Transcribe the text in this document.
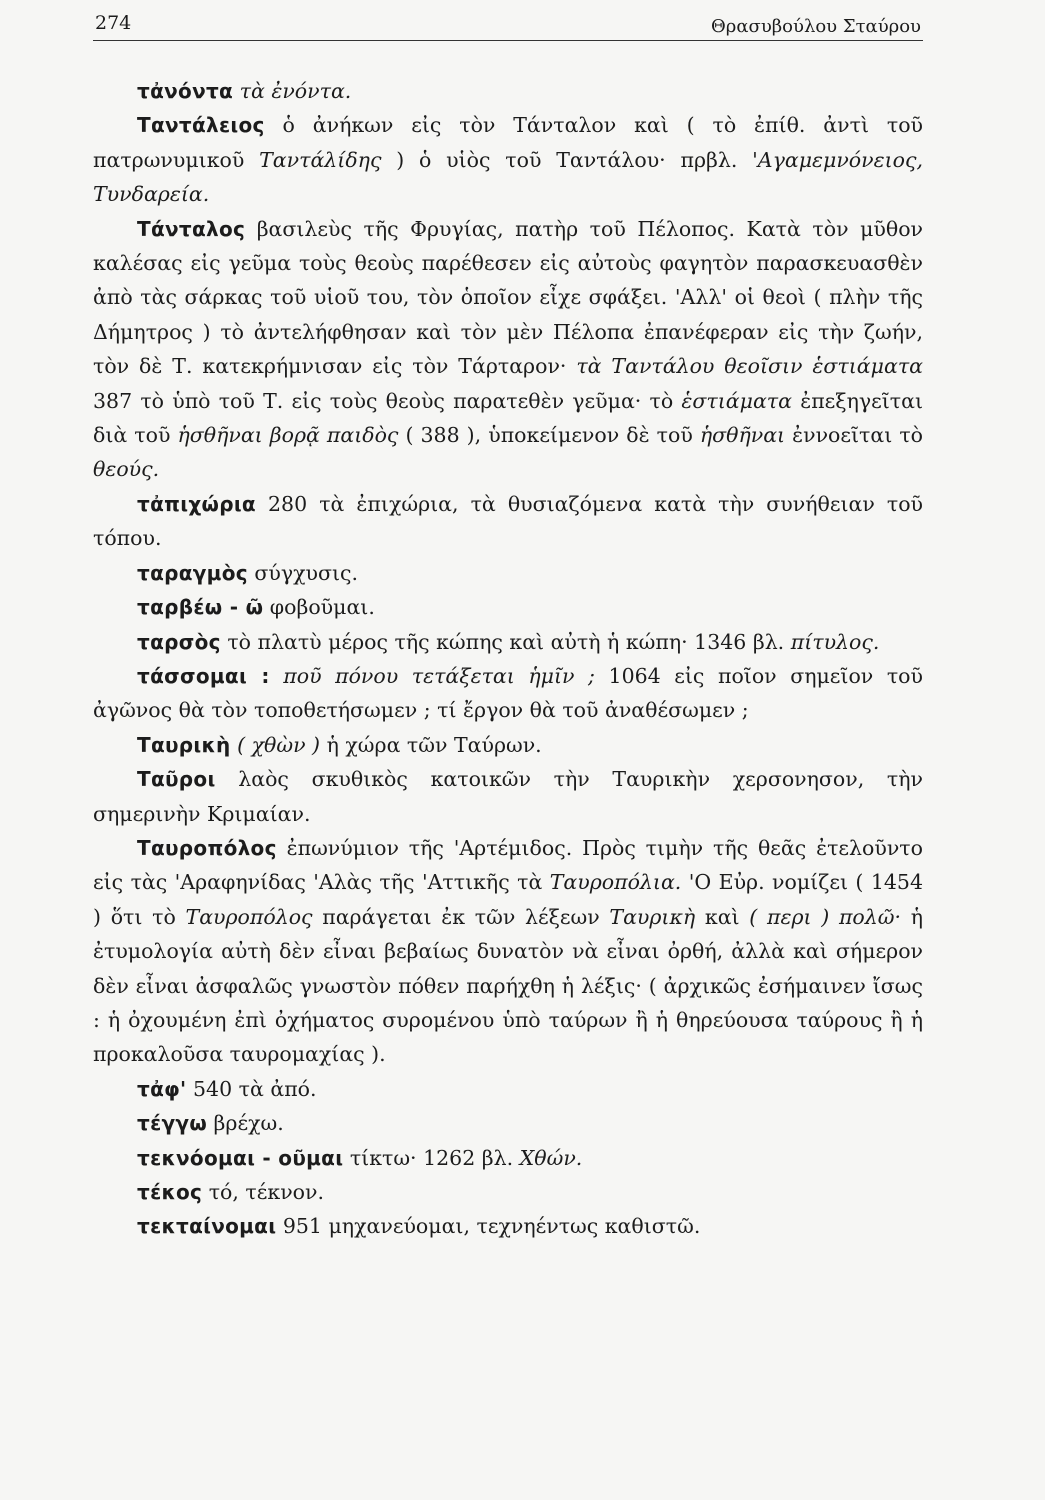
274	Θρασυβούλου Σταύρου

τἀνόντα τὰ ἐνόντα.

Ταντάλειος ὁ ἀνήκων εἰς τὸν Τάνταλον καὶ ( τὸ ἐπίθ. ἀντὶ τοῦ πατρωνυμικοῦ Ταντάλίδης ) ὁ υἱὸς τοῦ Ταντάλου· πρβλ. 'Αγαμεμνόνειος, Τυνδαρεία.

Τάνταλος βασιλεὺς τῆς Φρυγίας, πατὴρ τοῦ Πέλοπος. Κατὰ τὸν μῦθον καλέσας εἰς γεῦμα τοὺς θεοὺς παρέθεσεν εἰς αὐτοὺς φαγητὸν παρασκευασθὲν ἀπὸ τὰς σάρκας τοῦ υἱοῦ του, τὸν ὁποῖον εἶχε σφάξει. 'Αλλ' οἱ θεοὶ ( πλὴν τῆς Δήμητρος ) τὸ ἀντελήφθησαν καὶ τὸν μὲν Πέλοπα ἐπανέφεραν εἰς τὴν ζωήν, τὸν δὲ Τ. κατεκρήμνισαν εἰς τὸν Τάρταρον· τὰ Ταντάλου θεοῖσιν ἑστιάματα 387 τὸ ὑπὸ τοῦ Τ. εἰς τοὺς θεοὺς παρατεθὲν γεῦμα· τὸ ἑστιάματα ἐπεξηγεῖται διὰ τοῦ ἡσθῆναι βορᾷ παιδὸς ( 388 ), ὑποκείμενον δὲ τοῦ ἡσθῆναι ἐννοεῖται τὸ θεούς.

τἀπιχώρια 280 τὰ ἐπιχώρια, τὰ θυσιαζόμενα κατὰ τὴν συνήθειαν τοῦ τόπου.

ταραγμὸς σύγχυσις.

ταρβέω - ῶ φοβοῦμαι.

ταρσὸς τὸ πλατὺ μέρος τῆς κώπης καὶ αὐτὴ ἡ κώπη· 1346 βλ. πίτυλος.

τάσσομαι : ποῦ πόνου τετάξεται ἡμῖν ; 1064 εἰς ποῖον σημεῖον τοῦ ἀγῶνος θὰ τὸν τοποθετήσωμεν ; τί ἔργον θὰ τοῦ ἀναθέσωμεν ;

Ταυρικὴ ( χθὼν ) ἡ χώρα τῶν Ταύρων.

Ταῦροι λαὸς σκυθικὸς κατοικῶν τὴν Ταυρικὴν χερσονησον, τὴν σημερινὴν Κριμαίαν.

Ταυροπόλος ἐπωνύμιον τῆς 'Αρτέμιδος. Πρὸς τιμὴν τῆς θεᾶς ἐτελοῦντο εἰς τὰς 'Αραφηνίδας 'Αλὰς τῆς 'Αττικῆς τὰ Ταυροπόλια. 'Ο Εὐρ. νομίζει ( 1454 ) ὅτι τὸ Ταυροπόλος παράγεται ἐκ τῶν λέξεων Ταυρικὴ καὶ ( περι ) πολῶ· ἡ ἐτυμολογία αὐτὴ δὲν εἶναι βεβαίως δυνατὸν νὰ εἶναι ὀρθή, ἀλλὰ καὶ σήμερον δὲν εἶναι ἀσφαλῶς γνωστὸν πόθεν παρήχθη ἡ λέξις· ( ἀρχικῶς ἐσήμαινεν ἴσως : ἡ ὀχουμένη ἐπὶ ὀχήματος συρομένου ὑπὸ ταύρων ἢ ἡ θηρεύουσα ταύρους ἢ ἡ προκαλοῦσα ταυρομαχίας ).

τἀφ' 540 τὰ ἀπό.

τέγγω βρέχω.

τεκνόομαι - οῦμαι τίκτω· 1262 βλ. Χθών.

τέκος τό, τέκνον.

τεκταίνομαι 951 μηχανεύομαι, τεχνηέντως καθιστῶ.
